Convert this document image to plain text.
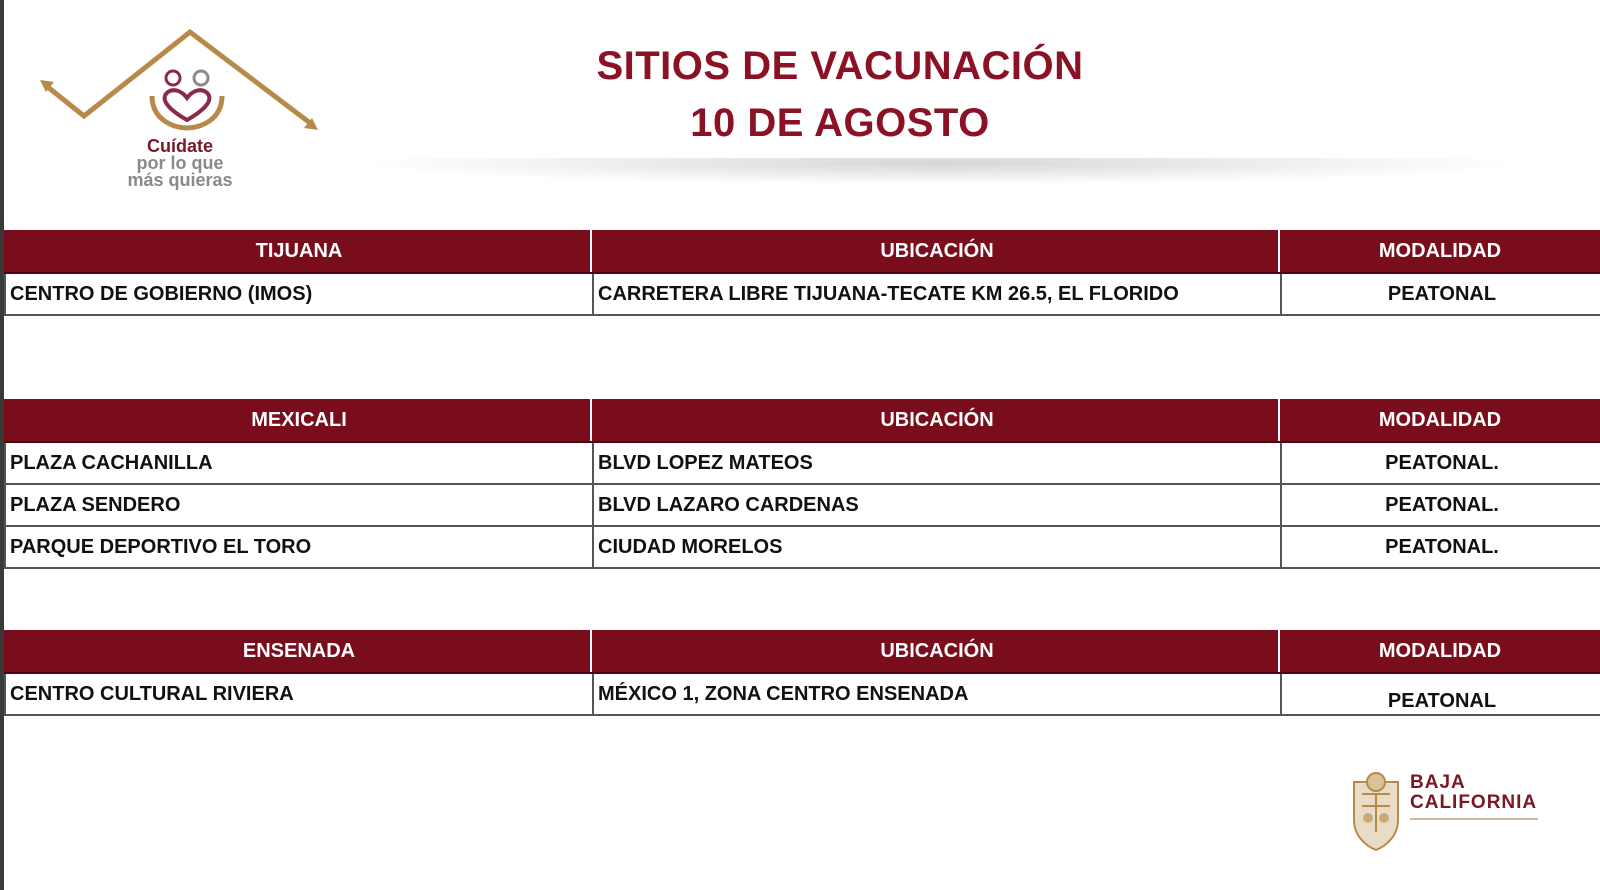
Cuídate
por lo que
más quieras
SITIOS DE VACUNACIÓN
10 DE AGOSTO
TIJUANA	UBICACIÓN	MODALIDAD
CENTRO DE GOBIERNO (IMOS)	CARRETERA LIBRE TIJUANA-TECATE KM 26.5, EL FLORIDO	PEATONAL
MEXICALI	UBICACIÓN	MODALIDAD
PLAZA CACHANILLA	BLVD LOPEZ MATEOS	PEATONAL.
PLAZA SENDERO	BLVD LAZARO CARDENAS	PEATONAL.
PARQUE DEPORTIVO EL TORO	CIUDAD MORELOS	PEATONAL.
ENSENADA	UBICACIÓN	MODALIDAD
CENTRO CULTURAL RIVIERA	MÉXICO 1, ZONA CENTRO ENSENADA	PEATONAL
BAJA
CALIFORNIA
